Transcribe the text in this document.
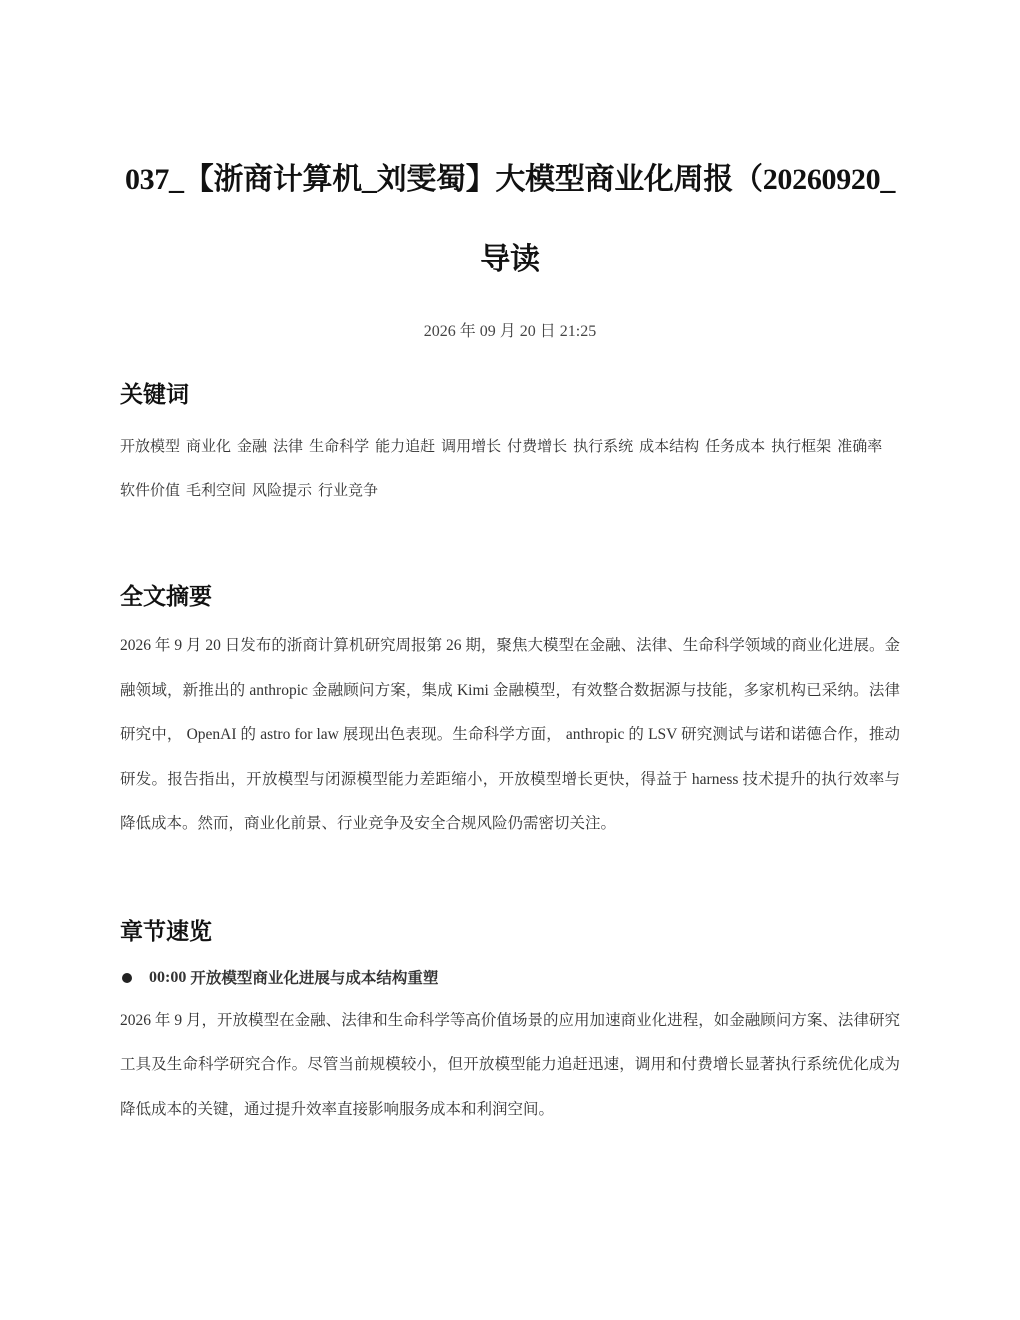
037_【浙商计算机_刘雯蜀】大模型商业化周报（20260920_
导读
2026 年 09 月 20 日 21:25
关键词
开放模型 商业化 金融 法律 生命科学 能力追赶 调用增长 付费增长 执行系统 成本结构 任务成本 执行框架 准确率
软件价值 毛利空间 风险提示 行业竞争
全文摘要

2026 年 9 月 20 日发布的浙商计算机研究周报第 26 期，聚焦大模型在金融、法律、生命科学领域的商业化进展。金融领域，新推出的 anthropic 金融顾问方案，集成 Kimi 金融模型，有效整合数据源与技能，多家机构已采纳。法律研究中， OpenAI 的 astro for law 展现出色表现。生命科学方面， anthropic 的 LSV 研究测试与诺和诺德合作，推动研发。报告指出，开放模型与闭源模型能力差距缩小，开放模型增长更快，得益于 harness 技术提升的执行效率与降低成本。然而，商业化前景、行业竞争及安全合规风险仍需密切关注。

章节速览
00:00 开放模型商业化进展与成本结构重塑

2026 年 9 月，开放模型在金融、法律和生命科学等高价值场景的应用加速商业化进程，如金融顾问方案、法律研究工具及生命科学研究合作。尽管当前规模较小，但开放模型能力追赶迅速，调用和付费增长显著执行系统优化成为降低成本的关键，通过提升效率直接影响服务成本和利润空间。
